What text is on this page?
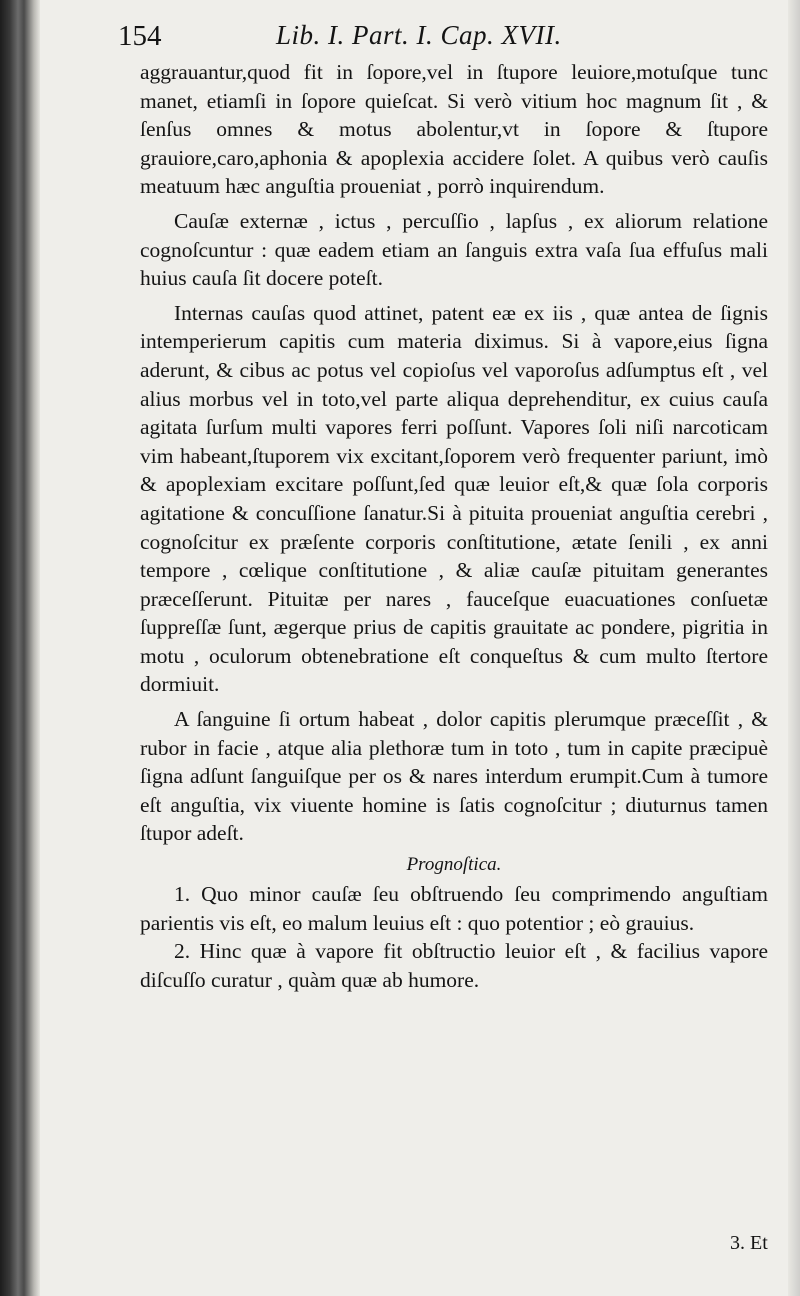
154	Lib. I. Part. I. Cap. XVII.

aggrauantur,quod fit in ſopore,vel in ſtupore leuiore,motuſque tunc manet, etiamſi in ſopore quieſcat. Si verò vitium hoc magnum ſit , & ſenſus omnes & motus abolentur,vt in ſopore & ſtupore grauiore,caro,aphonia & apoplexia accidere ſolet. A quibus verò cauſis meatuum hæc anguſtia proueniat , porrò inquirendum.

Cauſæ externæ , ictus , percuſſio , lapſus , ex aliorum relatione cognoſcuntur : quæ eadem etiam an ſanguis extra vaſa ſua effuſus mali huius cauſa ſit docere poteſt.

Internas cauſas quod attinet, patent eæ ex iis , quæ antea de ſignis intemperierum capitis cum materia diximus. Si à vapore,eius ſigna aderunt, & cibus ac potus vel copioſus vel vaporoſus adſumptus eſt , vel alius morbus vel in toto,vel parte aliqua deprehenditur, ex cuius cauſa agitata ſurſum multi vapores ferri poſſunt. Vapores ſoli niſi narcoticam vim habeant,ſtuporem vix excitant,ſoporem verò frequenter pariunt, imò & apoplexiam excitare poſſunt,ſed quæ leuior eſt,& quæ ſola corporis agitatione & concuſſione ſanatur.Si à pituita proueniat anguſtia cerebri , cognoſcitur ex præſente corporis conſtitutione, ætate ſenili , ex anni tempore , cœlique conſtitutione , & aliæ cauſæ pituitam generantes præceſſerunt. Pituitæ per nares , fauceſque euacuationes conſuetæ ſuppreſſæ ſunt, ægerque prius de capitis grauitate ac pondere, pigritia in motu , oculorum obtenebratione eſt conqueſtus & cum multo ſtertore dormiuit.

A ſanguine ſi ortum habeat , dolor capitis plerumque præceſſit , & rubor in facie , atque alia plethoræ tum in toto , tum in capite præcipuè ſigna adſunt ſanguiſque per os & nares interdum erumpit.Cum à tumore eſt anguſtia, vix viuente homine is ſatis cognoſcitur ; diuturnus tamen ſtupor adeſt.

Prognoſtica.

1. Quo minor cauſæ ſeu obſtruendo ſeu comprimendo anguſtiam parientis vis eſt, eo malum leuius eſt : quo potentior ; eò grauius.

2. Hinc quæ à vapore fit obſtructio leuior eſt , & facilius vapore diſcuſſo curatur , quàm quæ ab humore.

3. Et
